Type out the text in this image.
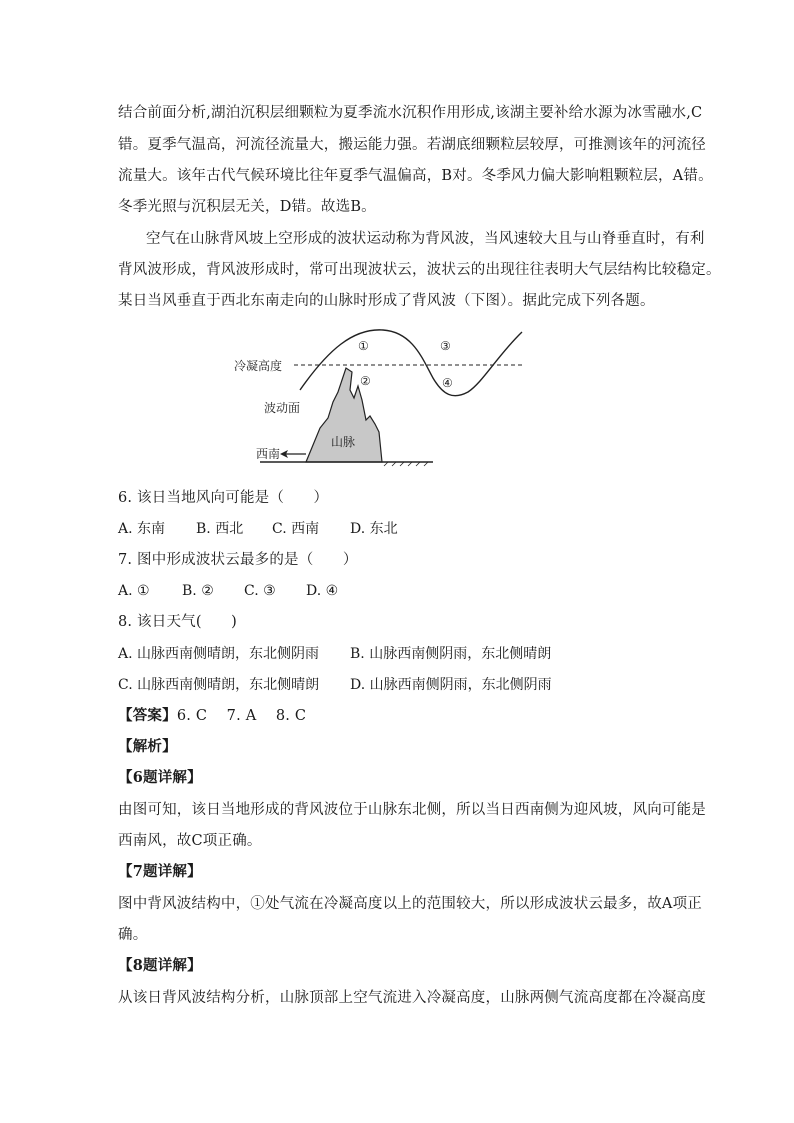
结合前面分析,湖泊沉积层细颗粒为夏季流水沉积作用形成,该湖主要补给水源为冰雪融水,C
错。夏季气温高，河流径流量大，搬运能力强。若湖底细颗粒层较厚，可推测该年的河流径
流量大。该年古代气候环境比往年夏季气温偏高，B对。冬季风力偏大影响粗颗粒层，A错。
冬季光照与沉积层无关，D错。故选B。
空气在山脉背风坡上空形成的波状运动称为背风波，当风速较大且与山脊垂直时，有利
背风波形成，背风波形成时，常可出现波状云，波状云的出现往往表明大气层结构比较稳定。
某日当风垂直于西北东南走向的山脉时形成了背风波（下图）。据此完成下列各题。
冷凝高度
波动面
西南
山脉
①
②
③
④
6. 该日当地风向可能是（　　）
A. 东南 B. 西北 C. 西南 D. 东北
7. 图中形成波状云最多的是（　　）
A. ① B. ② C. ③ D. ④
8. 该日天气(　　)
A. 山脉西南侧晴朗，东北侧阴雨 B. 山脉西南侧阴雨，东北侧晴朗
C. 山脉西南侧晴朗，东北侧晴朗 D. 山脉西南侧阴雨，东北侧阴雨
【答案】6. C　 7. A　 8. C
【解析】
【6题详解】
由图可知，该日当地形成的背风波位于山脉东北侧，所以当日西南侧为迎风坡，风向可能是
西南风，故C项正确。
【7题详解】
图中背风波结构中，①处气流在冷凝高度以上的范围较大，所以形成波状云最多，故A项正
确。
【8题详解】
从该日背风波结构分析，山脉顶部上空气流进入冷凝高度，山脉两侧气流高度都在冷凝高度
